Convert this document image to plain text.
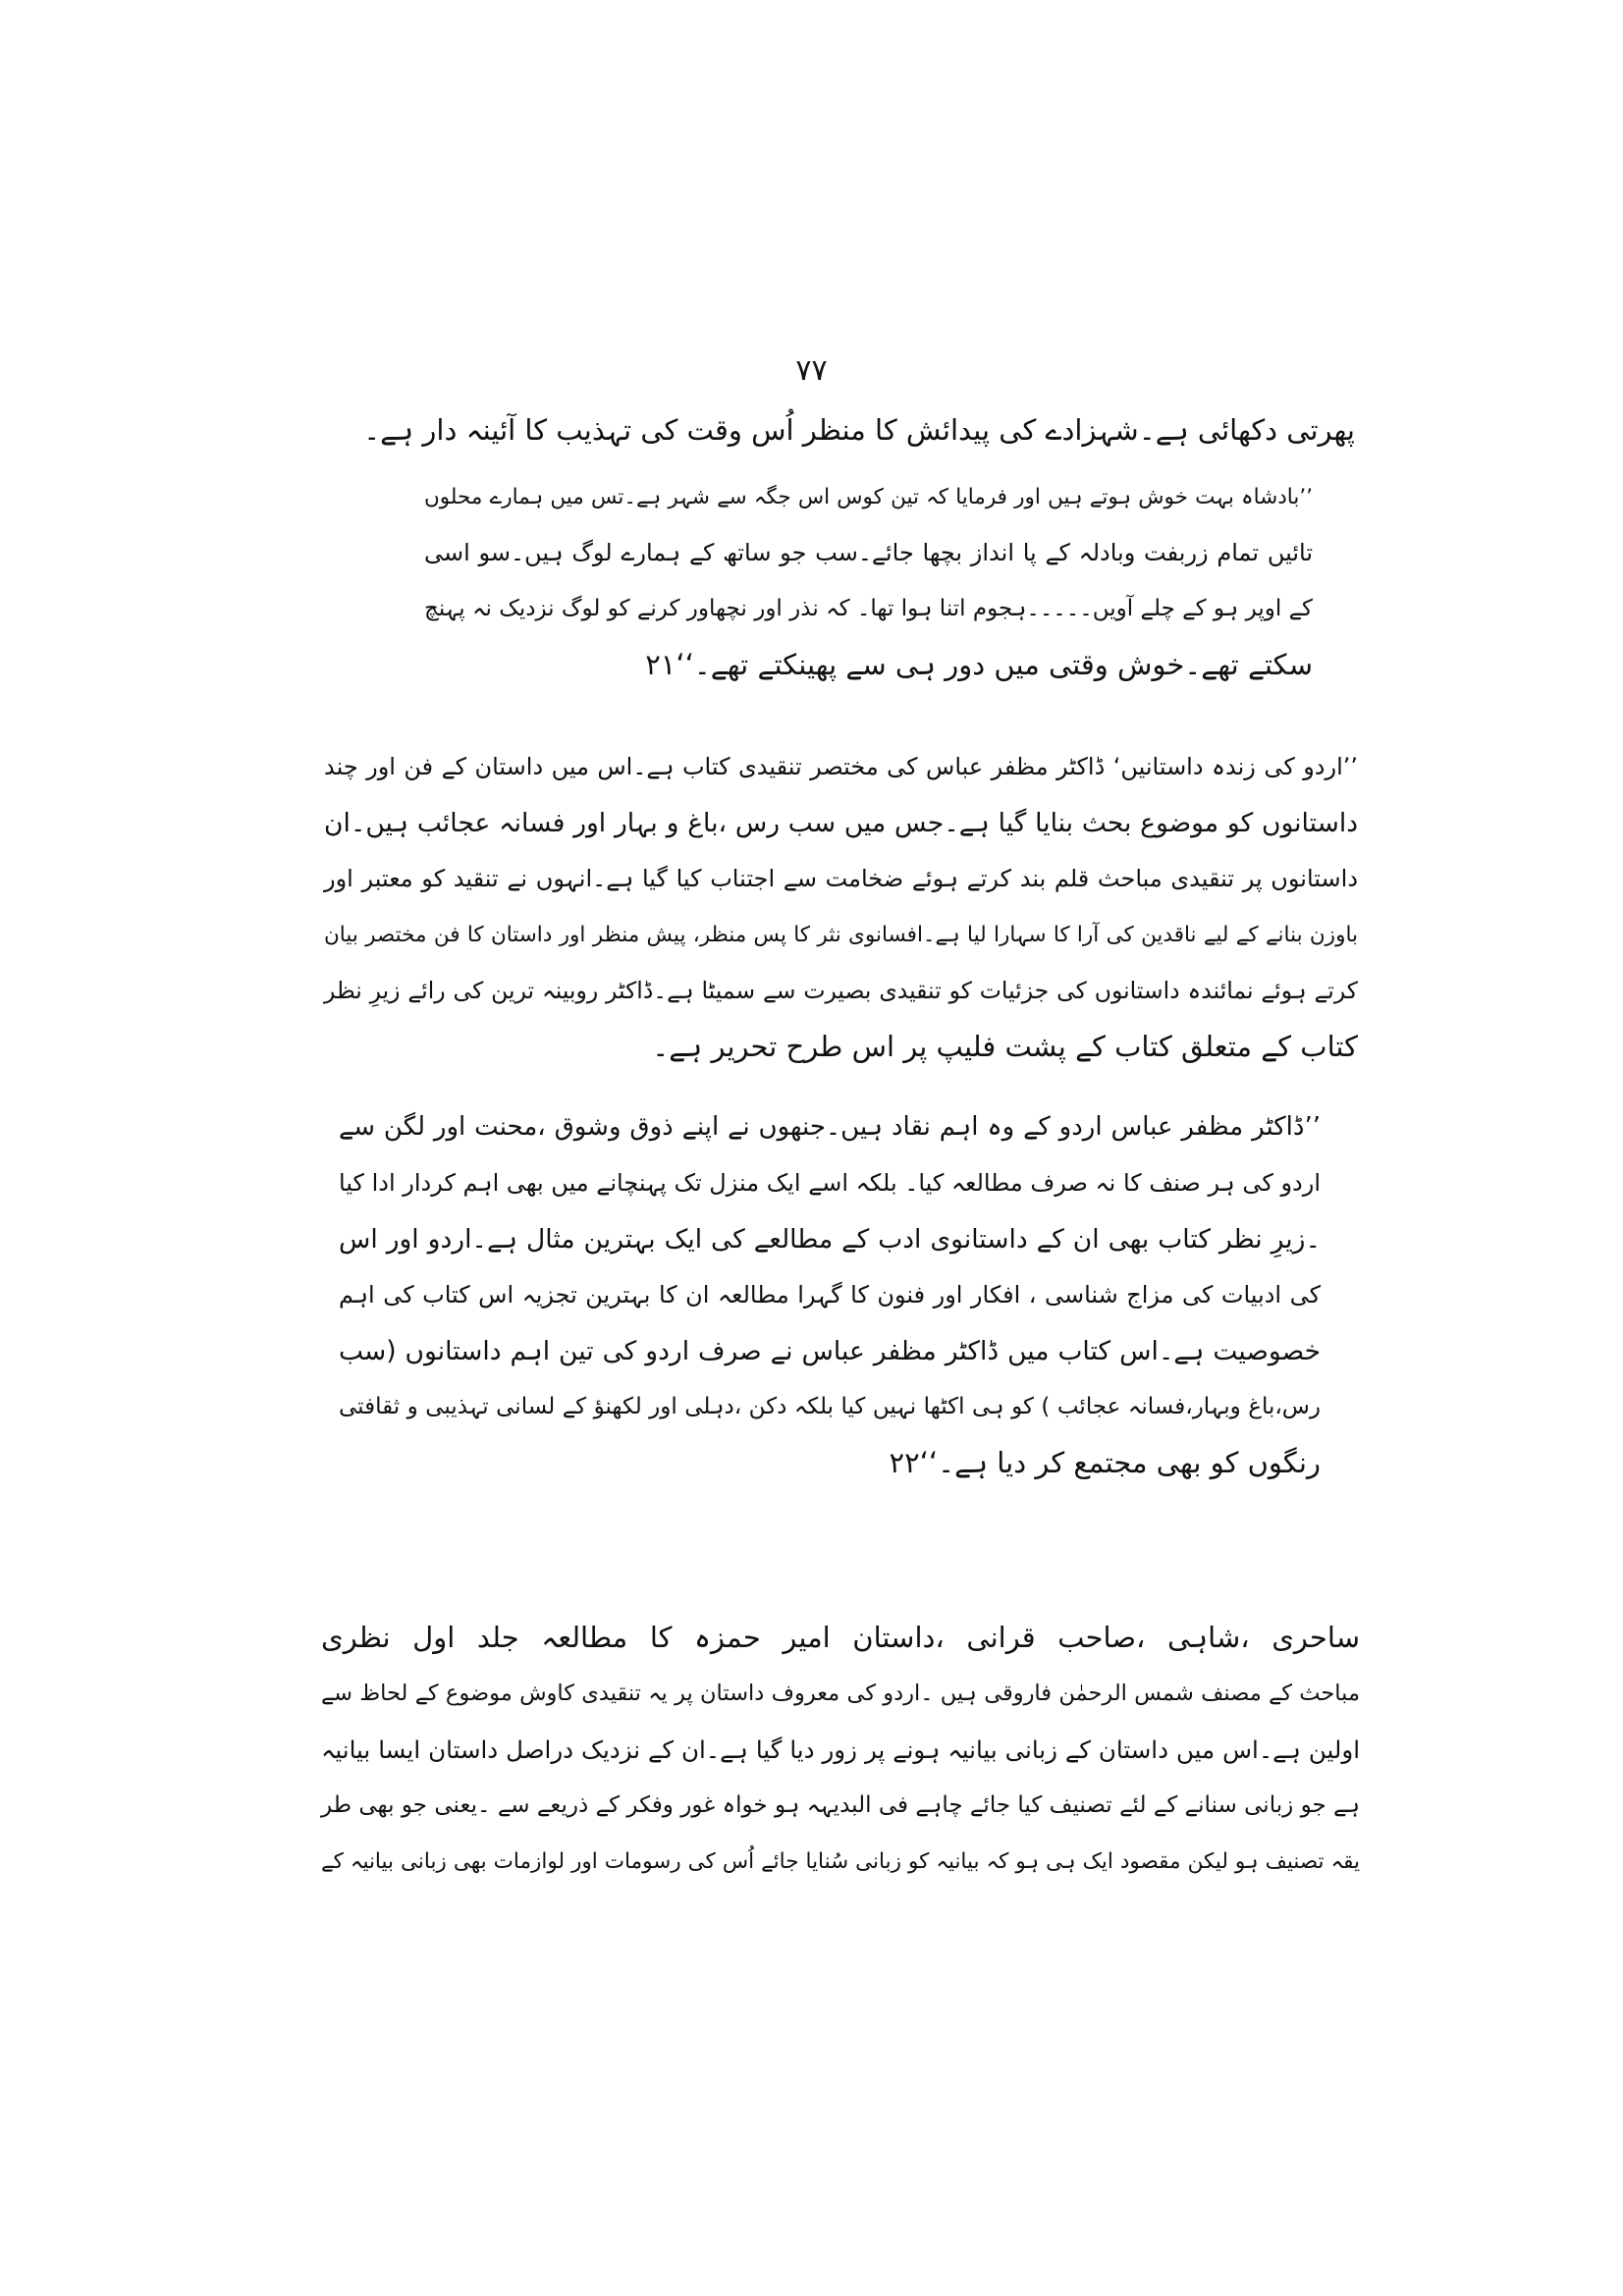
۷۷
پھرتی دکھائی ہے۔شہزادے کی پیدائش کا منظر اُس وقت کی تہذیب کا آئینہ دار ہے۔
’’بادشاہ بہت خوش ہوتے ہیں اور فرمایا کہ تین کوس اس جگہ سے شہر ہے۔تس میں ہمارے محلوں
تائیں تمام زربفت وبادلہ کے پا انداز بچھا جائے۔سب جو ساتھ کے ہمارے لوگ ہیں۔سو اسی
کے اوپر ہو کے چلے آویں۔۔۔۔۔ہجوم اتنا ہوا تھا۔ کہ نذر اور نچھاور کرنے کو لوگ نزدیک نہ پہنچ
سکتے تھے۔خوش وقتی میں دور ہی سے پھینکتے تھے۔‘‘۲۱
’’اردو کی زندہ داستانیں‘ ڈاکٹر مظفر عباس کی مختصر تنقیدی کتاب ہے۔اس میں داستان کے فن اور چند
داستانوں کو موضوع بحث بنایا گیا ہے۔جس میں سب رس ،باغ و بہار اور فسانہ عجائب ہیں۔ان
داستانوں پر تنقیدی مباحث قلم بند کرتے ہوئے ضخامت سے اجتناب کیا گیا ہے۔انہوں نے تنقید کو معتبر اور
باوزن بنانے کے لیے ناقدین کی آرا کا سہارا لیا ہے۔افسانوی نثر کا پس منظر، پیش منظر اور داستان کا فن مختصر بیان
کرتے ہوئے نمائندہ داستانوں کی جزئیات کو تنقیدی بصیرت سے سمیٹا ہے۔ڈاکٹر روبینہ ترین کی رائے زیرِ نظر
کتاب کے متعلق کتاب کے پشت فلیپ پر اس طرح تحریر ہے۔
’’ڈاکٹر مظفر عباس اردو کے وہ اہم نقاد ہیں۔جنھوں نے اپنے ذوق وشوق ،محنت اور لگن سے
اردو کی ہر صنف کا نہ صرف مطالعہ کیا۔ بلکہ اسے ایک منزل تک پہنچانے میں بھی اہم کردار ادا کیا
۔زیرِ نظر کتاب بھی ان کے داستانوی ادب کے مطالعے کی ایک بہترین مثال ہے۔اردو اور اس
کی ادبیات کی مزاج شناسی ، افکار اور فنون کا گہرا مطالعہ ان کا بہترین تجزیہ اس کتاب کی اہم
خصوصیت ہے۔اس کتاب میں ڈاکٹر مظفر عباس نے صرف اردو کی تین اہم داستانوں (سب
رس،باغ وبہار،فسانہ عجائب ) کو ہی اکٹھا نہیں کیا بلکہ دکن ،دہلی اور لکھنؤ کے لسانی تہذیبی و ثقافتی
رنگوں کو بھی مجتمع کر دیا ہے۔‘‘۲۲
ساحری ،شاہی ،صاحب قرانی ،داستان امیر حمزہ کا مطالعہ جلد اول نظری
مباحث کے مصنف شمس الرحمٰن فاروقی ہیں ۔اردو کی معروف داستان پر یہ تنقیدی کاوش موضوع کے لحاظ سے
اولین ہے۔اس میں داستان کے زبانی بیانیہ ہونے پر زور دیا گیا ہے۔ان کے نزدیک دراصل داستان ایسا بیانیہ
ہے جو زبانی سنانے کے لئے تصنیف کیا جائے چاہے فی البدیہہ ہو خواہ غور وفکر کے ذریعے سے ۔یعنی جو بھی طر
یقہ تصنیف ہو لیکن مقصود ایک ہی ہو کہ بیانیہ کو زبانی سُنایا جائے اُس کی رسومات اور لوازمات بھی زبانی بیانیہ کے
